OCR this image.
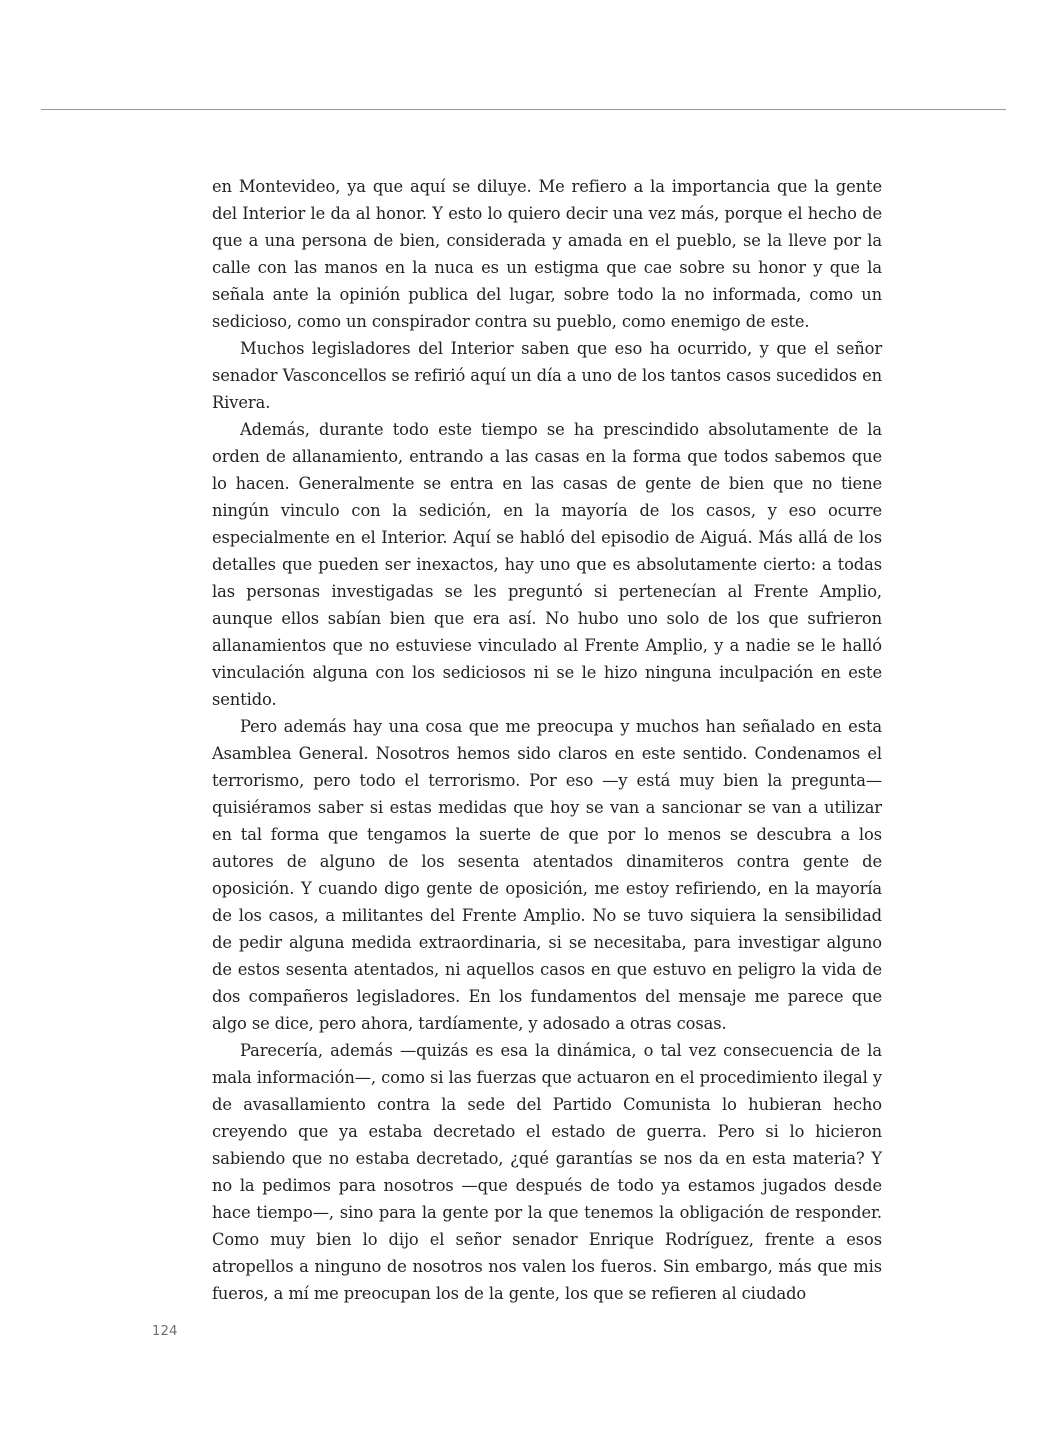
en Montevideo, ya que aquí se diluye. Me refiero a la importancia que la gente del Interior le da al honor. Y esto lo quiero decir una vez más, porque el hecho de que a una persona de bien, considerada y amada en el pueblo, se la lleve por la calle con las manos en la nuca es un estigma que cae sobre su honor y que la señala ante la opinión publica del lugar, sobre todo la no informada, como un sedicioso, como un conspirador contra su pueblo, como enemigo de este.

Muchos legisladores del Interior saben que eso ha ocurrido, y que el señor senador Vasconcellos se refirió aquí un día a uno de los tantos casos sucedidos en Rivera.

Además, durante todo este tiempo se ha prescindido absolutamente de la orden de allanamiento, entrando a las casas en la forma que todos sabemos que lo hacen. Generalmente se entra en las casas de gente de bien que no tiene ningún vinculo con la sedición, en la mayoría de los casos, y eso ocurre especialmente en el Interior. Aquí se habló del episodio de Aiguá. Más allá de los detalles que pueden ser inexactos, hay uno que es absolutamente cierto: a todas las personas investigadas se les preguntó si pertenecían al Frente Amplio, aunque ellos sabían bien que era así. No hubo uno solo de los que sufrieron allanamientos que no estuviese vinculado al Frente Amplio, y a nadie se le halló vinculación alguna con los sediciosos ni se le hizo ninguna inculpación en este sentido.

Pero además hay una cosa que me preocupa y muchos han señalado en esta Asamblea General. Nosotros hemos sido claros en este sentido. Condenamos el terrorismo, pero todo el terrorismo. Por eso —y está muy bien la pregunta— quisiéramos saber si estas medidas que hoy se van a sancionar se van a utilizar en tal forma que tengamos la suerte de que por lo menos se descubra a los autores de alguno de los sesenta atentados dinamiteros contra gente de oposición. Y cuando digo gente de oposición, me estoy refiriendo, en la mayoría de los casos, a militantes del Frente Amplio. No se tuvo siquiera la sensibilidad de pedir alguna medida extraordinaria, si se necesitaba, para investigar alguno de estos sesenta atentados, ni aquellos casos en que estuvo en peligro la vida de dos compañeros legisladores. En los fundamentos del mensaje me parece que algo se dice, pero ahora, tardíamente, y adosado a otras cosas.

Parecería, además —quizás es esa la dinámica, o tal vez consecuencia de la mala información—, como si las fuerzas que actuaron en el procedimiento ilegal y de avasallamiento contra la sede del Partido Comunista lo hubieran hecho creyendo que ya estaba decretado el estado de guerra. Pero si lo hicieron sabiendo que no estaba decretado, ¿qué garantías se nos da en esta materia? Y no la pedimos para nosotros —que después de todo ya estamos jugados desde hace tiempo—, sino para la gente por la que tenemos la obligación de responder. Como muy bien lo dijo el señor senador Enrique Rodríguez, frente a esos atropellos a ninguno de nosotros nos valen los fueros. Sin embargo, más que mis fueros, a mí me preocupan los de la gente, los que se refieren al ciudado

124
